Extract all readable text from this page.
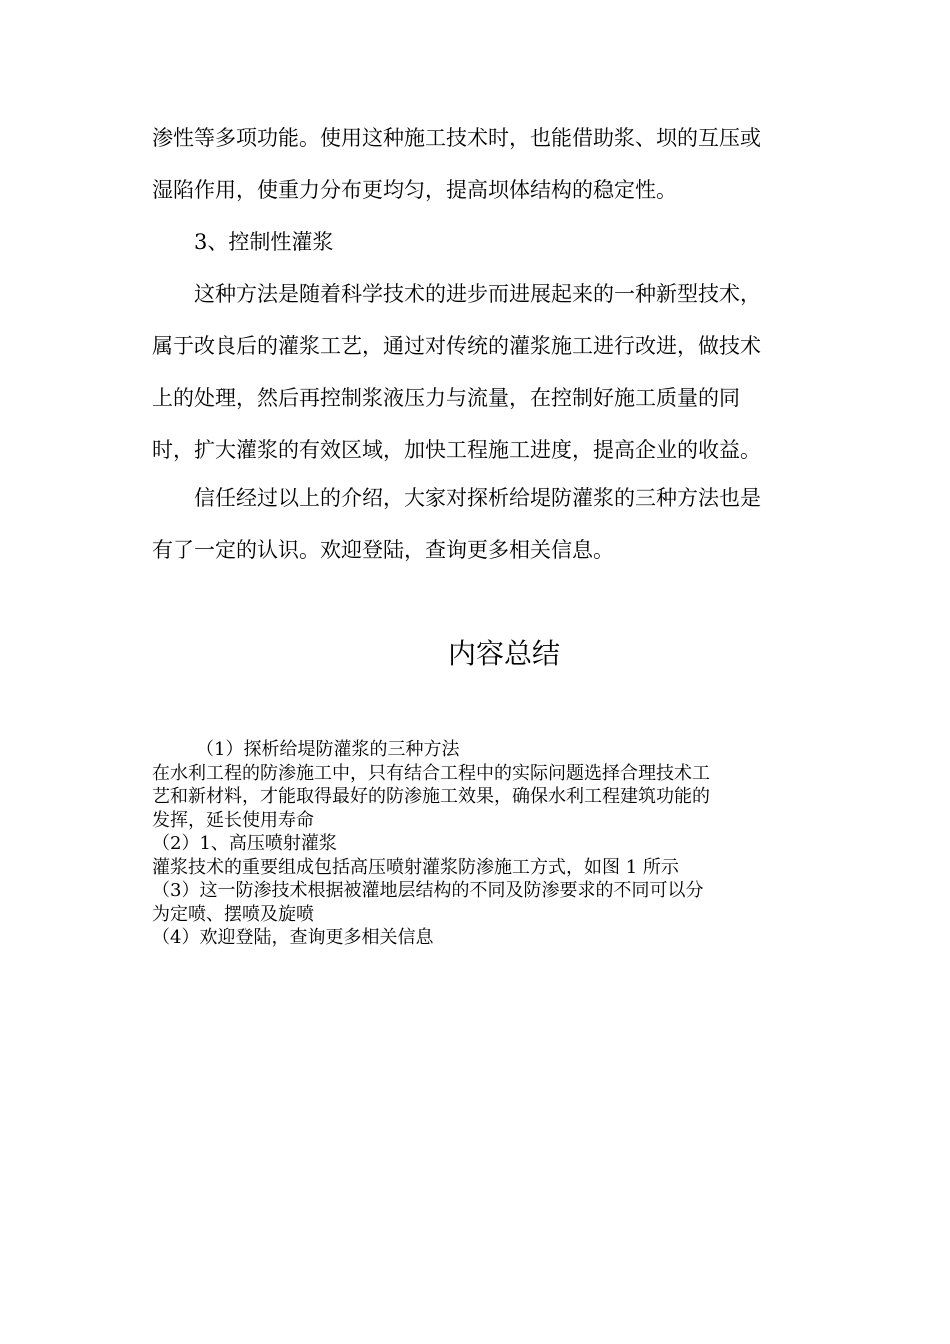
渗性等多项功能。使用这种施工技术时，也能借助浆、坝的互压或
湿陷作用，使重力分布更均匀，提高坝体结构的稳定性。
3、控制性灌浆
这种方法是随着科学技术的进步而进展起来的一种新型技术，
属于改良后的灌浆工艺，通过对传统的灌浆施工进行改进，做技术
上的处理，然后再控制浆液压力与流量，在控制好施工质量的同
时，扩大灌浆的有效区域，加快工程施工进度，提高企业的收益。
信任经过以上的介绍，大家对探析给堤防灌浆的三种方法也是
有了一定的认识。欢迎登陆，查询更多相关信息。
内容总结
（1）探析给堤防灌浆的三种方法
在水利工程的防渗施工中，只有结合工程中的实际问题选择合理技术工
艺和新材料，才能取得最好的防渗施工效果，确保水利工程建筑功能的
发挥，延长使用寿命
（2）1、高压喷射灌浆
灌浆技术的重要组成包括高压喷射灌浆防渗施工方式，如图 1 所示
（3）这一防渗技术根据被灌地层结构的不同及防渗要求的不同可以分
为定喷、摆喷及旋喷
（4）欢迎登陆，查询更多相关信息
